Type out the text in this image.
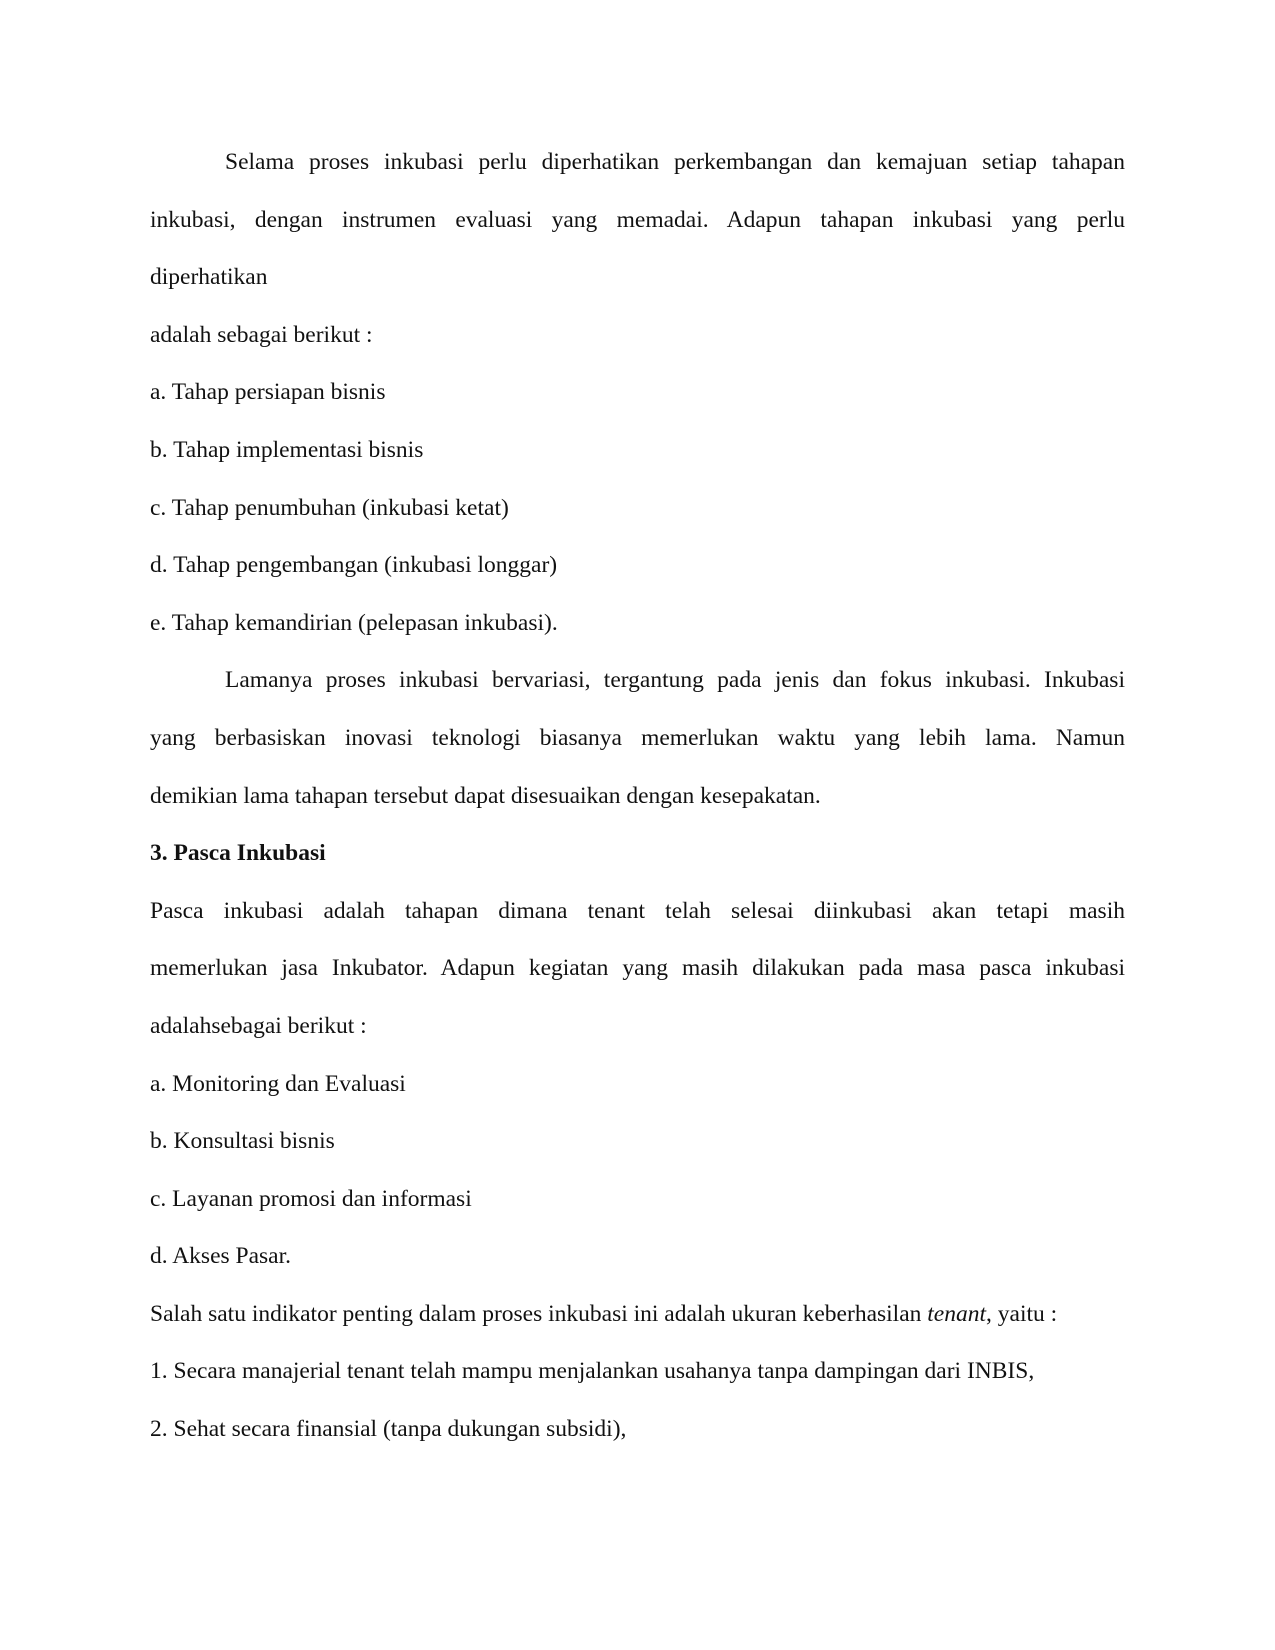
Selama proses inkubasi perlu diperhatikan perkembangan dan kemajuan setiap tahapan
inkubasi, dengan instrumen evaluasi yang memadai. Adapun tahapan inkubasi yang perlu
diperhatikan
adalah sebagai berikut :
a. Tahap persiapan bisnis
b. Tahap implementasi bisnis
c. Tahap penumbuhan (inkubasi ketat)
d. Tahap pengembangan (inkubasi longgar)
e. Tahap kemandirian (pelepasan inkubasi).
Lamanya proses inkubasi bervariasi, tergantung pada jenis dan fokus inkubasi. Inkubasi
yang berbasiskan inovasi teknologi biasanya memerlukan waktu yang lebih lama. Namun
demikian lama tahapan tersebut dapat disesuaikan dengan kesepakatan.
3. Pasca Inkubasi
Pasca inkubasi adalah tahapan dimana tenant telah selesai diinkubasi akan tetapi masih
memerlukan jasa Inkubator. Adapun kegiatan yang masih dilakukan pada masa pasca inkubasi
adalahsebagai berikut :
a. Monitoring dan Evaluasi
b. Konsultasi bisnis
c. Layanan promosi dan informasi
d. Akses Pasar.
Salah satu indikator penting dalam proses inkubasi ini adalah ukuran keberhasilan tenant, yaitu :
1. Secara manajerial tenant telah mampu menjalankan usahanya tanpa dampingan dari INBIS,
2. Sehat secara finansial (tanpa dukungan subsidi),
